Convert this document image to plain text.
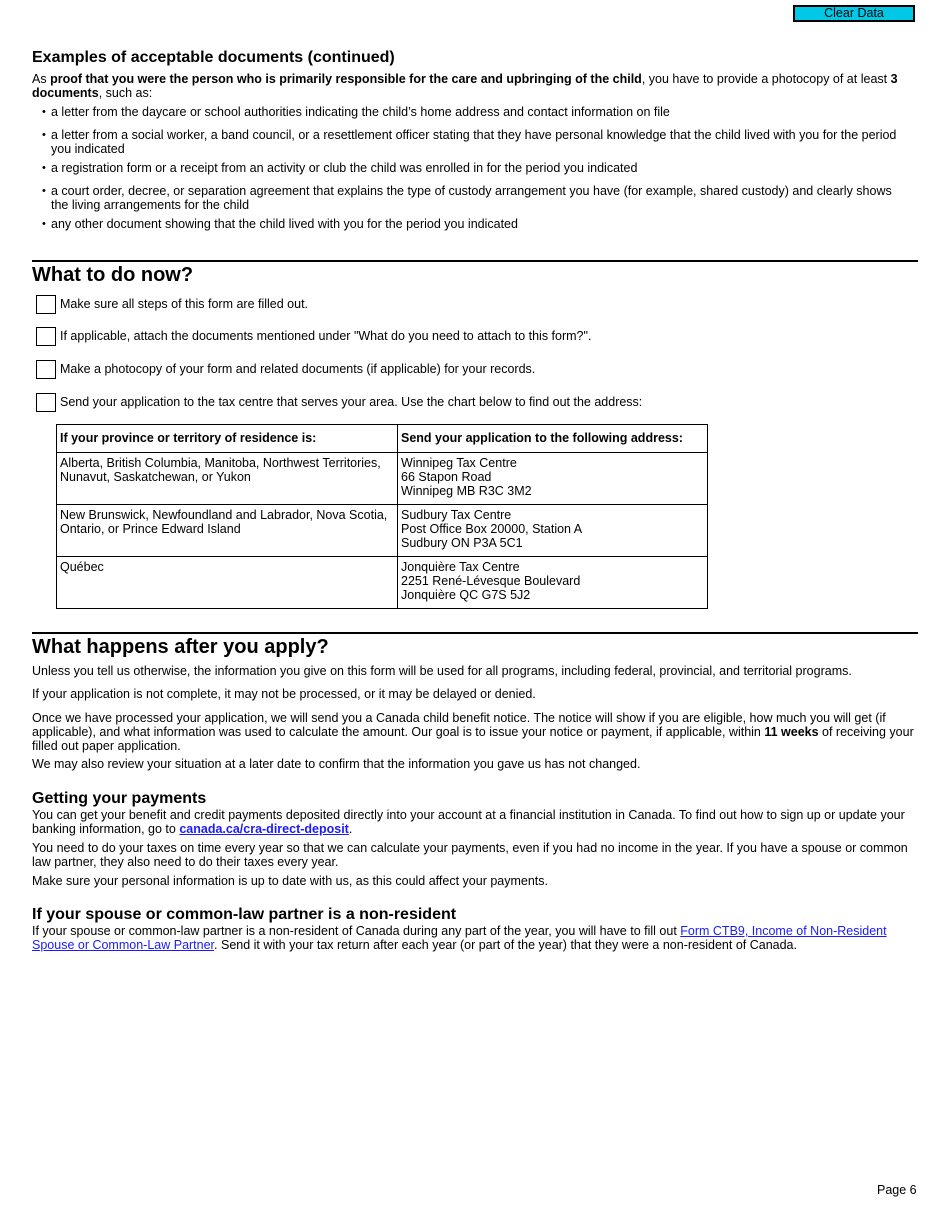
Clear Data
Examples of acceptable documents (continued)

As proof that you were the person who is primarily responsible for the care and upbringing of the child, you have to provide a photocopy of at least 3 documents, such as:

• a letter from the daycare or school authorities indicating the child’s home address and contact information on file
• a letter from a social worker, a band council, or a resettlement officer stating that they have personal knowledge that the child lived with you for the period you indicated
• a registration form or a receipt from an activity or club the child was enrolled in for the period you indicated
• a court order, decree, or separation agreement that explains the type of custody arrangement you have (for example, shared custody) and clearly shows the living arrangements for the child
• any other document showing that the child lived with you for the period you indicated
What to do now?
Make sure all steps of this form are filled out.
If applicable, attach the documents mentioned under "What do you need to attach to this form?".
Make a photocopy of your form and related documents (if applicable) for your records.
Send your application to the tax centre that serves your area. Use the chart below to find out the address:
If your province or territory of residence is:	Send your application to the following address:
Alberta, British Columbia, Manitoba, Northwest Territories, Nunavut, Saskatchewan, or Yukon	Winnipeg Tax Centre
66 Stapon Road
Winnipeg MB R3C 3M2

New Brunswick, Newfoundland and Labrador, Nova Scotia, Ontario, or Prince Edward Island	Sudbury Tax Centre
Post Office Box 20000, Station A
Sudbury ON P3A 5C1

Québec	Jonquière Tax Centre
2251 René-Lévesque Boulevard
Jonquière QC G7S 5J2
What happens after you apply?

Unless you tell us otherwise, the information you give on this form will be used for all programs, including federal, provincial, and territorial programs.

If your application is not complete, it may not be processed, or it may be delayed or denied.

Once we have processed your application, we will send you a Canada child benefit notice. The notice will show if you are eligible, how much you will get (if applicable), and what information was used to calculate the amount. Our goal is to issue your notice or payment, if applicable, within 11 weeks of receiving your filled out paper application.

We may also review your situation at a later date to confirm that the information you gave us has not changed.

Getting your payments

You can get your benefit and credit payments deposited directly into your account at a financial institution in Canada. To find out how to sign up or update your banking information, go to canada.ca/cra-direct-deposit.

You need to do your taxes on time every year so that we can calculate your payments, even if you had no income in the year. If you have a spouse or common law partner, they also need to do their taxes every year.

Make sure your personal information is up to date with us, as this could affect your payments.

If your spouse or common-law partner is a non-resident

If your spouse or common-law partner is a non-resident of Canada during any part of the year, you will have to fill out Form CTB9, Income of Non-Resident Spouse or Common-Law Partner. Send it with your tax return after each year (or part of the year) that they were a non-resident of Canada.

Page 6
